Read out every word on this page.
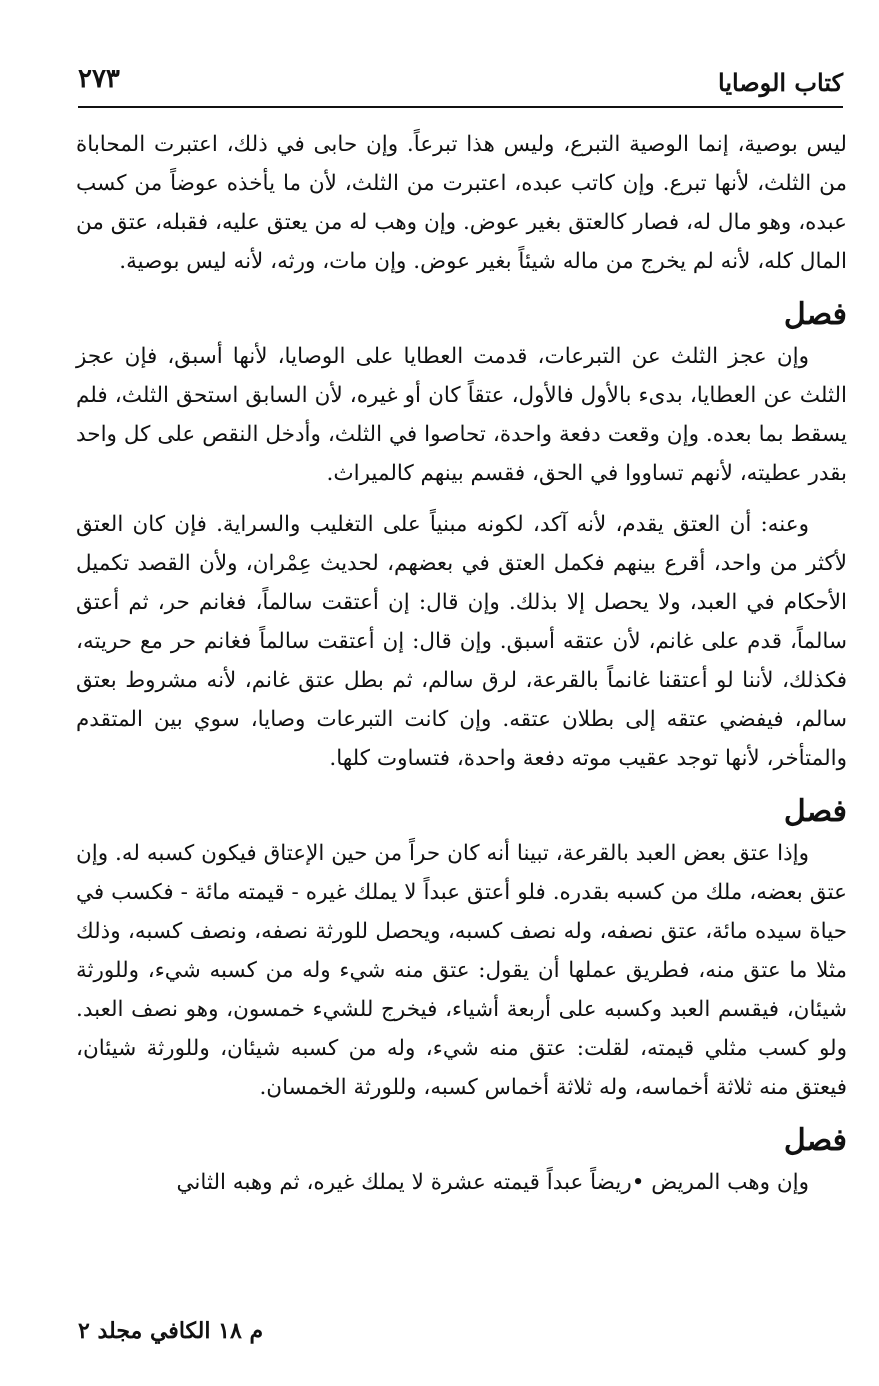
كتاب الوصايا
٢٧٣

ليس بوصية، إنما الوصية التبرع، وليس هذا تبرعاً. وإن حابى في ذلك، اعتبرت المحاباة من الثلث، لأنها تبرع. وإن كاتب عبده، اعتبرت من الثلث، لأن ما يأخذه عوضاً من كسب عبده، وهو مال له، فصار كالعتق بغير عوض. وإن وهب له من يعتق عليه، فقبله، عتق من المال كله، لأنه لم يخرج من ماله شيئاً بغير عوض. وإن مات، ورثه، لأنه ليس بوصية.

فصل

وإن عجز الثلث عن التبرعات، قدمت العطايا على الوصايا، لأنها أسبق، فإن عجز الثلث عن العطايا، بدىء بالأول فالأول، عتقاً كان أو غيره، لأن السابق استحق الثلث، فلم يسقط بما بعده. وإن وقعت دفعة واحدة، تحاصوا في الثلث، وأدخل النقص على كل واحد بقدر عطيته، لأنهم تساووا في الحق، فقسم بينهم كالميراث.

وعنه: أن العتق يقدم، لأنه آكد، لكونه مبنياً على التغليب والسراية. فإن كان العتق لأكثر من واحد، أقرع بينهم فكمل العتق في بعضهم، لحديث عِمْران، ولأن القصد تكميل الأحكام في العبد، ولا يحصل إلا بذلك. وإن قال: إن أعتقت سالماً، فغانم حر، ثم أعتق سالماً، قدم على غانم، لأن عتقه أسبق. وإن قال: إن أعتقت سالماً فغانم حر مع حريته، فكذلك، لأننا لو أعتقنا غانماً بالقرعة، لرق سالم، ثم بطل عتق غانم، لأنه مشروط بعتق سالم، فيفضي عتقه إلى بطلان عتقه. وإن كانت التبرعات وصايا، سوي بين المتقدم والمتأخر، لأنها توجد عقيب موته دفعة واحدة، فتساوت كلها.

فصل

وإذا عتق بعض العبد بالقرعة، تبينا أنه كان حراً من حين الإعتاق فيكون كسبه له. وإن عتق بعضه، ملك من كسبه بقدره. فلو أعتق عبداً لا يملك غيره - قيمته مائة - فكسب في حياة سيده مائة، عتق نصفه، وله نصف كسبه، ويحصل للورثة نصفه، ونصف كسبه، وذلك مثلا ما عتق منه، فطريق عملها أن يقول: عتق منه شيء وله من كسبه شيء، وللورثة شيئان، فيقسم العبد وكسبه على أربعة أشياء، فيخرج للشيء خمسون، وهو نصف العبد. ولو كسب مثلي قيمته، لقلت: عتق منه شيء، وله من كسبه شيئان، وللورثة شيئان، فيعتق منه ثلاثة أخماسه، وله ثلاثة أخماس كسبه، وللورثة الخمسان.

فصل

وإن وهب المريض •ريضاً عبداً قيمته عشرة لا يملك غيره، ثم وهبه الثاني

م ١٨ الكافي مجلد ٢
